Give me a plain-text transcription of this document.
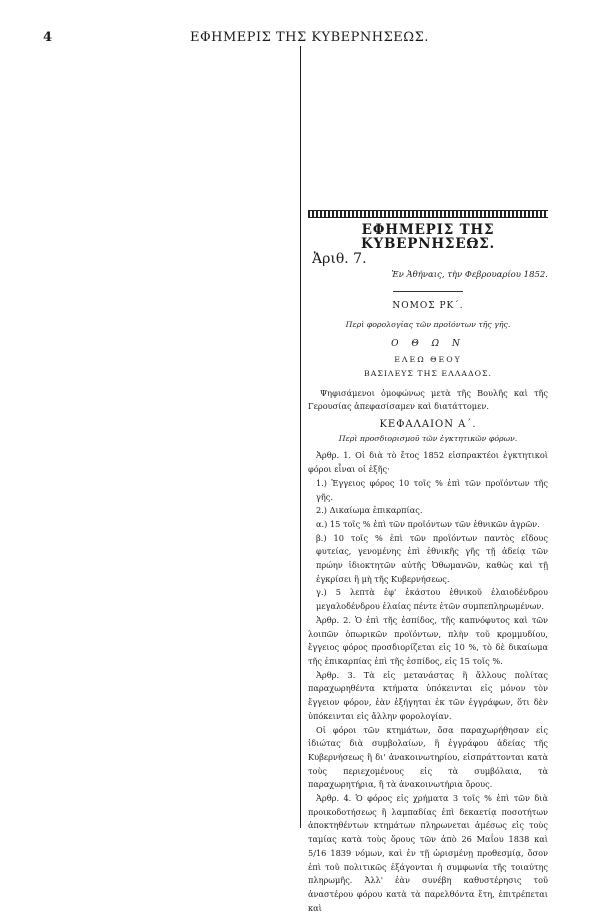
4	ΕΦΗΜΕΡΙΣ ΤΗΣ ΚΥΒΕΡΝΗΣΕΩΣ.
ΕΦΗΜΕΡΙΣ ΤΗΣ ΚΥΒΕΡΝΗΣΕΩΣ.
Ἀριθ. 7.
Ἐν Ἀθήναις, τὴν Φεβρουαρίου 1852.
ΝΟΜΟΣ ΡΚ΄.
Περὶ φορολογίας τῶν προϊόντων τῆς γῆς.
Ο Θ Ω Ν
ΕΛΕΩ ΘΕΟΥ
ΒΑΣΙΛΕΥΣ ΤΗΣ ΕΛΛΑΔΟΣ.

Ψηφισάμενοι ὁμοφώνως μετὰ τῆς Βουλῆς καὶ τῆς Γερουσίας ἀπεφασίσαμεν καὶ διατάττομεν.

ΚΕΦΑΛΑΙΟΝ Α΄.
Περὶ προσδιορισμοῦ τῶν ἐγκτητικῶν φόρων.

Ἀρθρ. 1. Οἱ διὰ τὸ ἔτος 1852 εἰσπρακτέοι ἐγκτητικοὶ φόροι εἶναι οἱ ἑξῆς·

1.) Ἐγγειος φόρος 10 τοῖς % ἐπὶ τῶν προϊόντων τῆς γῆς.

2.) Δικαίωμα ἐπικαρπίας.

α.) 15 τοῖς % ἐπὶ τῶν προϊόντων τῶν ἐθνικῶν ἀγρῶν.

β.) 10 τοῖς % ἐπὶ τῶν προϊόντων παντὸς εἴδους φυτείας, γενομένης ἐπὶ ἐθνικῆς γῆς τῇ ἀδείᾳ τῶν πρώην ἰδιοκτητῶν αὐτῆς Ὀθωμανῶν, καθὼς καὶ τῇ ἐγκρίσει ἢ μὴ τῆς Κυβερνήσεως.

γ.) 5 λεπτὰ ἐφ' ἑκάστου ἐθνικοῦ ἐλαιοδένδρου μεγαλοδένδρου ἐλαίας πέντε ἐτῶν συμπεπληρωμένων.

Ἀρθρ. 2. Ὁ ἐπὶ τῆς ἐσπίδος, τῆς καπνόφυτος καὶ τῶν λοιπῶν ὁπωρικῶν προϊόντων, πλὴν τοῦ κρομμυδίου, ἔγγειος φόρος προσδιορίζεται εἰς 10 %, τὸ δὲ δικαίωμα τῆς ἐπικαρπίας ἐπὶ τῆς ἐσπίδος, εἰς 15 τοῖς %.

Ἀρθρ. 3. Τὰ εἰς μετανάστας ἢ ἄλλους πολίτας παραχωρηθέντα κτήματα ὑπόκεινται εἰς μόνον τὸν ἔγγειον φόρον, ἐὰν ἐξήγηται ἐκ τῶν ἐγγράφων, ὅτι δὲν ὑπόκεινται εἰς ἄλλην φορολογίαν.

Οἱ φόροι τῶν κτημάτων, ὅσα παραχωρήθησαν εἰς ἰδιώτας διὰ συμβολαίων, ἢ ἐγγράφου ἀδείας τῆς Κυβερνήσεως ἢ δι' ἀνακοινωτηρίου, εἰσπράττονται κατὰ τοὺς περιεχομένους εἰς τὰ συμβόλαια, τὰ παραχωρητήρια, ἢ τὰ ἀνακοινωτήρια ὅρους.

Ἀρθρ. 4. Ὁ φόρος εἰς χρήματα 3 τοῖς % ἐπὶ τῶν διὰ προικοδοτήσεως ἢ λαμπαδίας ἐπὶ δεκαετίᾳ ποσοτήτων ἀποκτηθέντων κτημάτων πληρωνεται ἀμέσως εἰς τοὺς ταμίας κατὰ τοὺς ὅρους τῶν ἀπὸ 26 Μαΐου 1838 καὶ 5/16 1839 νόμων, καὶ ἐν τῇ ὡρισμένῃ προθεσμίᾳ, ὅσον ἐπὶ τοῦ πολιτικῶς ἐξάγονται ἡ συμφωνία τῆς τοιαύτης πληρωμῆς. Ἀλλ' ἐὰν συνέβη καθυστέρησις τοῦ ἀναστέρου φόρου κατὰ τὰ παρελθόντα ἔτη, ἐπιτρέπεται καὶ
